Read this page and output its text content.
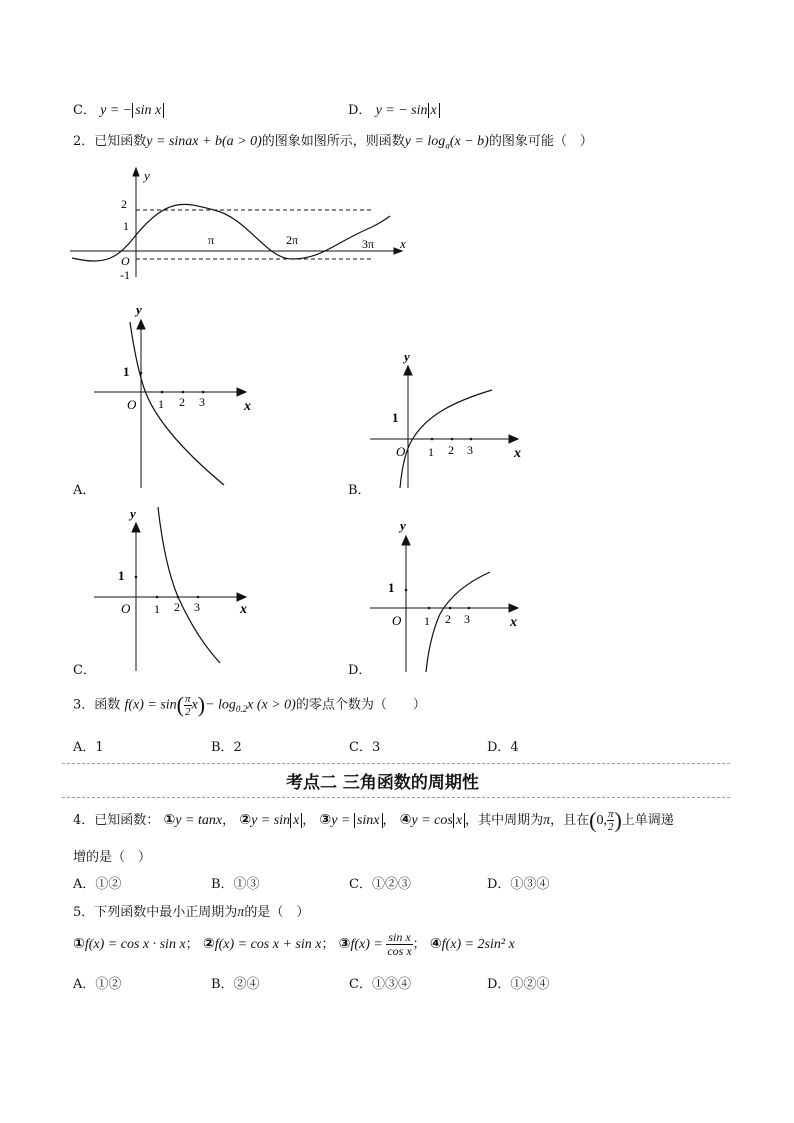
C． y = − sin x	D． y = − sin x
2．已知函数y = sinax + b(a > 0)的图象如图所示，则函数$y = \log_a(x - b)$的图象可能（　）
y
x
O
2
1
-1
π	2π	3π
y
x
O
1
1 2 3
A．
y
x
O
1
1 2 3
B．
y
x
O
1
1 2 3
C．
y
x
O
1
1 2 3
D．
3．函数 $f(x) = \sin( \frac{\pi}{2} x)- \log_{0.2}x$ (x > 0)的零点个数为（　　）
A．1	B．2	C．3	D．4
考点二 三角函数的周期性
4．已知函数： ①y = tanx， ②y = sin x ， ③y = sinx ， ④y = cos x ，其中周期为π，且在(0, $\frac{\pi}{2}$ )上单调递
增的是（　）
A．①②	B．①③	C．①②③	D．①③④
5．下列函数中最小正周期为π的是（　）
①f(x) = cos x · sin x； ②f(x) = cos x + sin x； ③f(x) = $\frac{\text{sin x}}{\text{cos x}}$ ； ④f(x) = 2sin² x
A．①②	B．②④	C．①③④	D．①②④
